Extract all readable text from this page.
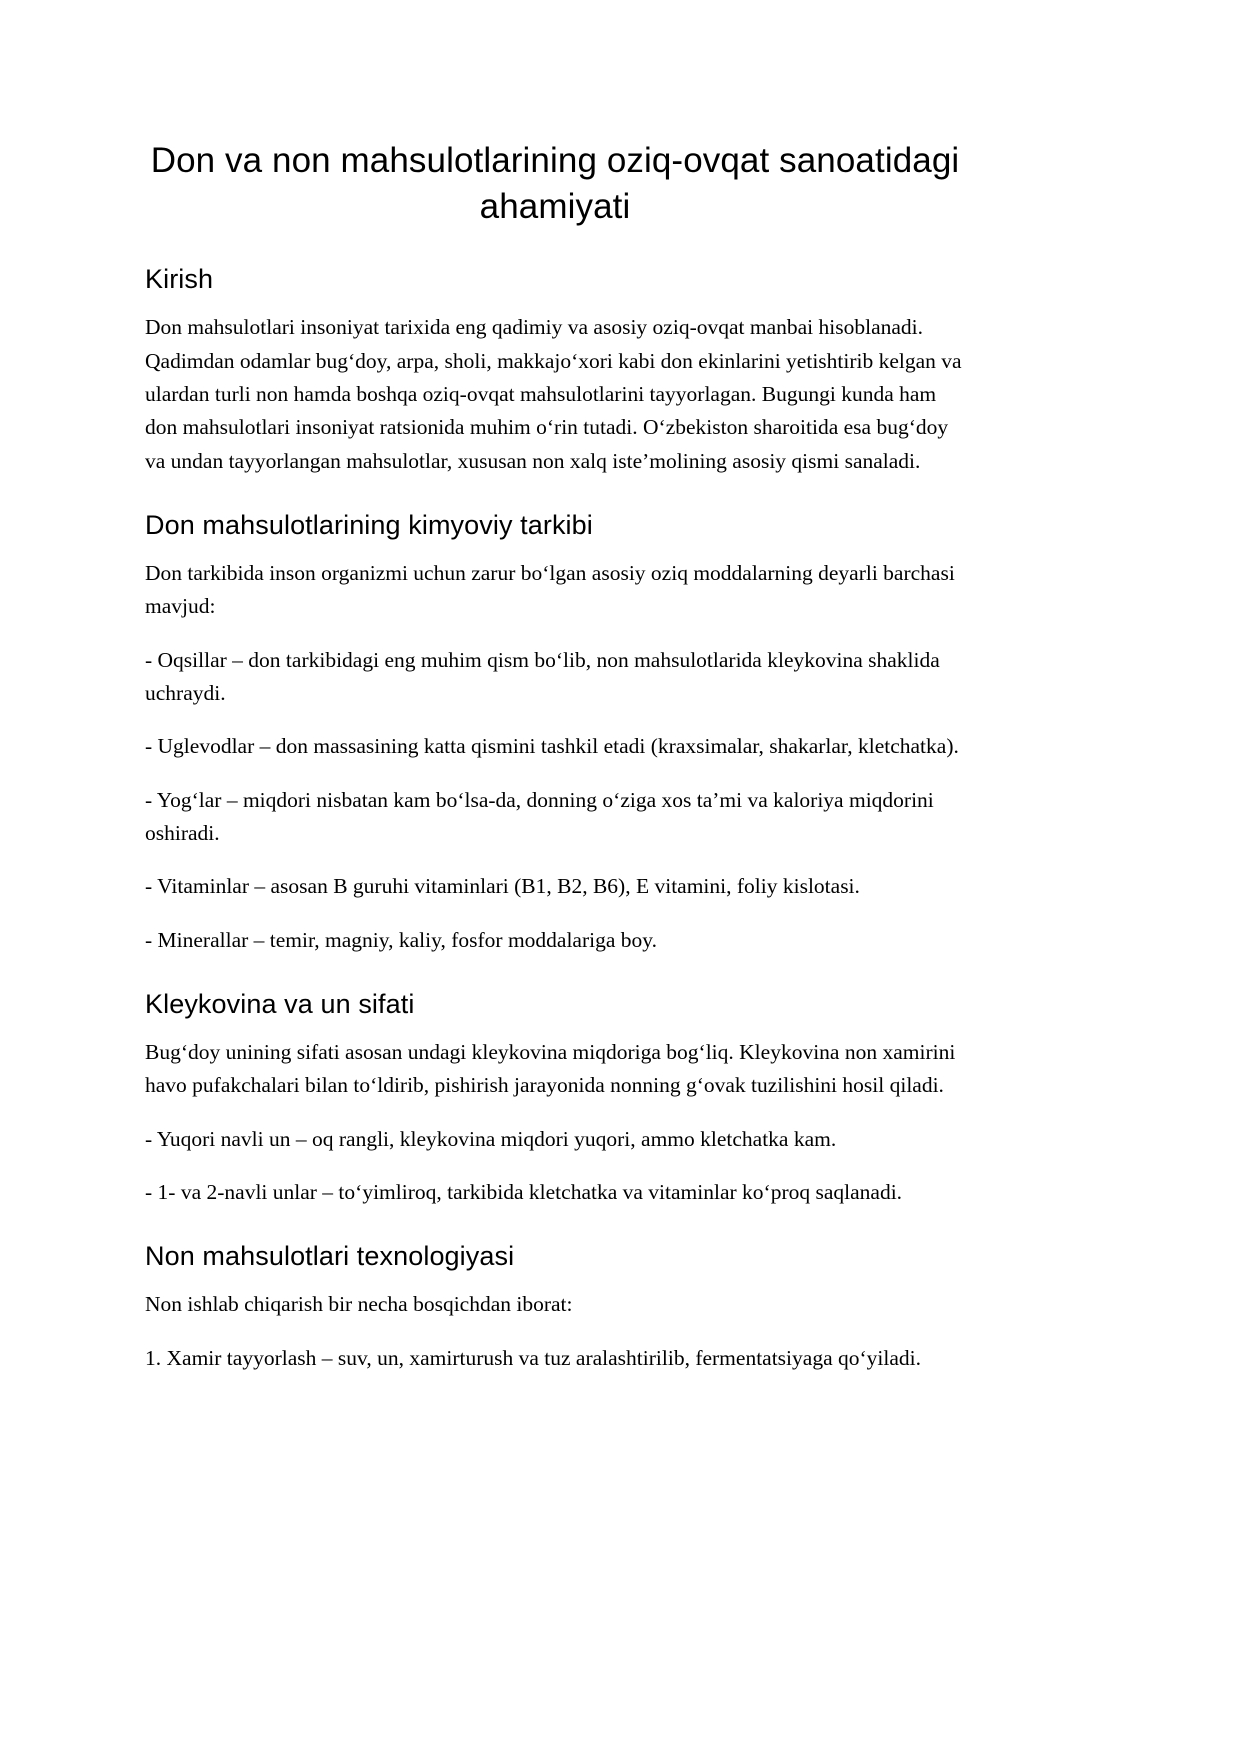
Don va non mahsulotlarining oziq-ovqat sanoatidagi ahamiyati
Kirish

Don mahsulotlari insoniyat tarixida eng qadimiy va asosiy oziq-ovqat manbai hisoblanadi. Qadimdan odamlar bug‘doy, arpa, sholi, makkajo‘xori kabi don ekinlarini yetishtirib kelgan va ulardan turli non hamda boshqa oziq-ovqat mahsulotlarini tayyorlagan. Bugungi kunda ham don mahsulotlari insoniyat ratsionida muhim o‘rin tutadi. O‘zbekiston sharoitida esa bug‘doy va undan tayyorlangan mahsulotlar, xususan non xalq iste’molining asosiy qismi sanaladi.

Don mahsulotlarining kimyoviy tarkibi

Don tarkibida inson organizmi uchun zarur bo‘lgan asosiy oziq moddalarning deyarli barchasi mavjud:

- Oqsillar – don tarkibidagi eng muhim qism bo‘lib, non mahsulotlarida kleykovina shaklida uchraydi.

- Uglevodlar – don massasining katta qismini tashkil etadi (kraxsimalar, shakarlar, kletchatka).

- Yog‘lar – miqdori nisbatan kam bo‘lsa-da, donning o‘ziga xos ta’mi va kaloriya miqdorini oshiradi.

- Vitaminlar – asosan B guruhi vitaminlari (B1, B2, B6), E vitamini, foliy kislotasi.

- Minerallar – temir, magniy, kaliy, fosfor moddalariga boy.

Kleykovina va un sifati

Bug‘doy unining sifati asosan undagi kleykovina miqdoriga bog‘liq. Kleykovina non xamirini havo pufakchalari bilan to‘ldirib, pishirish jarayonida nonning g‘ovak tuzilishini hosil qiladi.

- Yuqori navli un – oq rangli, kleykovina miqdori yuqori, ammo kletchatka kam.

- 1- va 2-navli unlar – to‘yimliroq, tarkibida kletchatka va vitaminlar ko‘proq saqlanadi.

Non mahsulotlari texnologiyasi

Non ishlab chiqarish bir necha bosqichdan iborat:

1. Xamir tayyorlash – suv, un, xamirturush va tuz aralashtirilib, fermentatsiyaga qo‘yiladi.
